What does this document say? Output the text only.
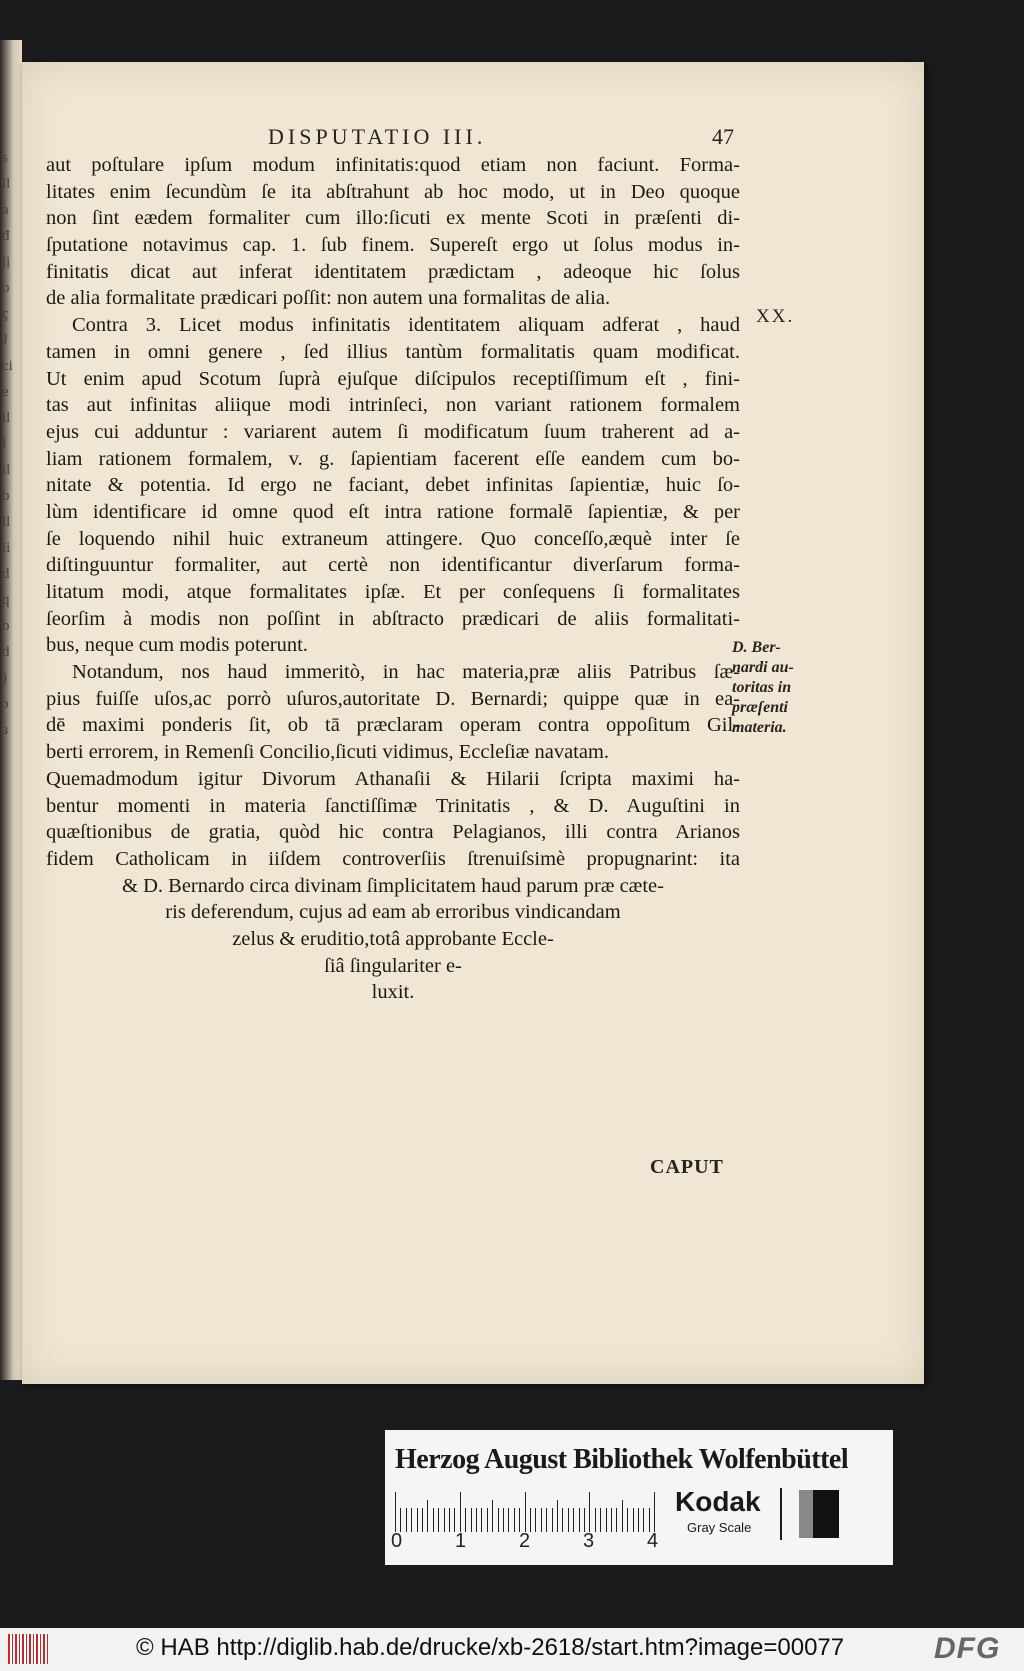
s
il
a
đ
ịị
o
ç
J
ci
e
il
l
il
b
ll
ịi
d
q
b
d
)
ɔ
ɜ
DISPUTATIO III.	47
aut poſtulare ipſum modum infinitatis:quod etiam non faciunt. Forma-
litates enim ſecundùm ſe ita abſtrahunt ab hoc modo, ut in Deo quoque
non ſint eædem formaliter cum illo:ſicuti ex mente Scoti in præſenti di-
ſputatione notavimus cap. 1. ſub finem. Supereſt ergo ut ſolus modus in-
finitatis dicat aut inferat identitatem prædictam , adeoque hic ſolus
de alia formalitate prædicari poſſit: non autem una formalitas de alia.
Contra 3. Licet modus infinitatis identitatem aliquam adferat , haud
tamen in omni genere , ſed illius tantùm formalitatis quam modificat.
Ut enim apud Scotum ſuprà ejuſque diſcipulos receptiſſimum eſt , fini-
tas aut infinitas aliique modi intrinſeci, non variant rationem formalem
ejus cui adduntur : variarent autem ſi modificatum ſuum traherent ad a-
liam rationem formalem, v. g. ſapientiam facerent eſſe eandem cum bo-
nitate & potentia. Id ergo ne faciant, debet infinitas ſapientiæ, huic ſo-
lùm identificare id omne quod eſt intra ratione formalē ſapientiæ, & per
ſe loquendo nihil huic extraneum attingere. Quo conceſſo,æquè inter ſe
diſtinguuntur formaliter, aut certè non identificantur diverſarum forma-
litatum modi, atque formalitates ipſæ. Et per conſequens ſi formalitates
ſeorſim à modis non poſſint in abſtracto prædicari de aliis formalitati-
bus, neque cum modis poterunt.
Notandum, nos haud immeritò, in hac materia,præ aliis Patribus ſæ-
pius fuiſſe uſos,ac porrò uſuros,autoritate D. Bernardi; quippe quæ in ea-
dē maximi ponderis ſit, ob tā præclaram operam contra oppoſitum Gil-
berti errorem, in Remenſi Concilio,ſicuti vidimus, Eccleſiæ navatam.
Quemadmodum igitur Divorum Athanaſii & Hilarii ſcripta maximi ha-
bentur momenti in materia ſanctiſſimæ Trinitatis , & D. Auguſtini in
quæſtionibus de gratia, quòd hic contra Pelagianos, illi contra Arianos
fidem Catholicam in iiſdem controverſiis ſtrenuiſsimè propugnarint: ita
& D. Bernardo circa divinam ſimplicitatem haud parum præ cæte-
ris deferendum, cujus ad eam ab erroribus vindicandam
zelus & eruditio,totâ approbante Eccle-
ſiâ ſingulariter e-
luxit.
XX.
D. Ber-
nardi au-
toritas in
præſenti
materia.
CAPUT
Herzog August Bibliothek Wolfenbüttel
0	1	2	3	4
Kodak
Gray Scale
© HAB http://diglib.hab.de/drucke/xb-2618/start.htm?image=00077	DFG
